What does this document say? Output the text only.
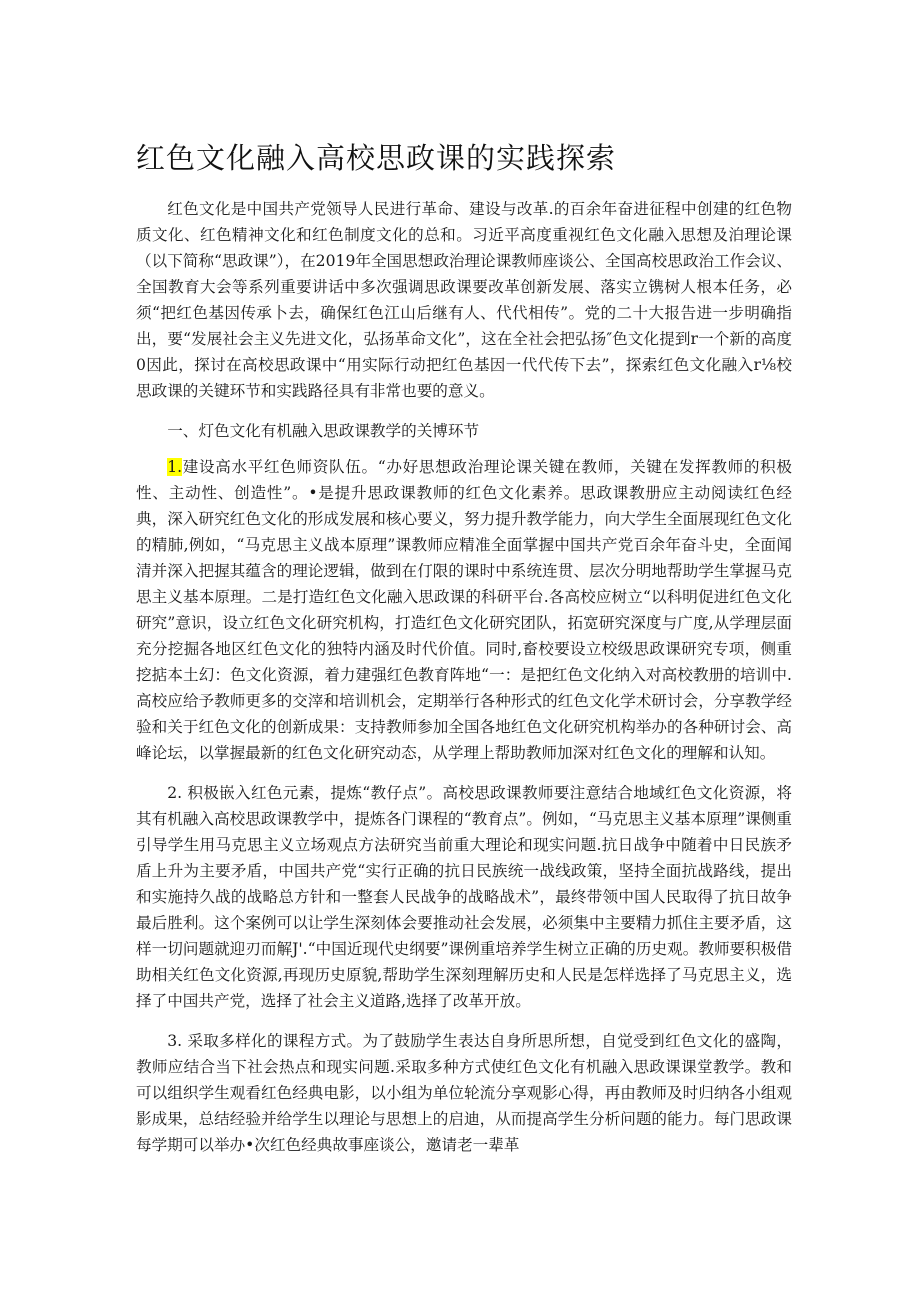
红色文化融入高校思政课的实践探索

红色文化是中国共产党领导人民进行革命、建设与改革.的百余年奋进征程中创建的红色物质文化、红色精神文化和红色制度文化的总和。习近平高度重视红色文化融入思想及泊理论课（以下简称“思政课”），在2019年全国思想政治理论课教师座谈公、全国高校思政治工作会议、全国教育大会等系列重要讲话中多次强调思政课要改革创新发展、落实立镌树人根本任务，必须“把红色基因传承卜去，确保红色江山后继有人、代代相传”。党的二十大报告进一步明确指出，要“发展社会主义先进文化，弘扬革命文化”，这在全社会把弘扬″色文化提到r一个新的高度0因此，探讨在高校思政课中“用实际行动把红色基因一代代传下去”，探索红色文化融入r⅛校思政课的关键环节和实践路径具有非常也要的意义。

一、灯色文化有机融入思政课教学的关博环节

1.建设高水平红色师资队伍。“办好思想政治理论课关键在教师，关键在发挥教师的积极性、主动性、创造性”。•是提升思政课教师的红色文化素养。思政课教册应主动阅读红色经典，深入研究红色文化的形成发展和核心要义，努力提升教学能力，向大学生全面展现红色文化的精肺,例如，“马克思主义战本原理”课教师应精准全面掌握中国共产党百余年奋斗史，全面闻清并深入把握其蕴含的理论逻辑，做到在仃限的课时中系统连贯、层次分明地帮助学生掌握马克思主义基本原理。二是打造红色文化融入思政课的科研平台.各高校应树立“以科明促进红色文化研究”意识，设立红色文化研究机构，打造红色文化研究团队，拓宽研究深度与广度,从学理层面充分挖掘各地区红色文化的独特内涵及时代价值。同时,畜校要设立校级思政课研究专项，侧重挖掂本土幻：色文化资源，着力建强红色教育阵地“一：是把红色文化纳入对高校教册的培训中.高校应给予教师更多的交滓和培训机会，定期举行各种形式的红色文化学术研讨会，分享教学经验和关于红色文化的创新成果：支持教师参加全国各地红色文化研究机构举办的各种研讨会、高峰论坛，以掌握最新的红色文化研究动态，从学理上帮助教师加深对红色文化的理解和认知。

2. 积极嵌入红色元素，提炼“教仔点”。高校思政课教师要注意结合地域红色文化资源，将其有机融入高校思政课教学中，提炼各门课程的“教育点”。例如，“马克思主义基本原理”课侧重引导学生用马克思主义立场观点方法研究当前重大理论和现实问题.抗日战争中随着中日民族矛盾上升为主要矛盾，中国共产党“实行正确的抗日民族统一战线政策，坚持全面抗战路线，提出和实施持久战的战略总方针和一整套人民战争的战略战术”，最终带领中国人民取得了抗日故争最后胜利。这个案例可以让学生深刻体会要推动社会发展，必须集中主要精力抓住主要矛盾，这样一切问题就迎刃而解J'.“中国近现代史纲要”课例重培养学生树立正确的历史观。教师要积极借助相关红色文化资源,再现历史原貌,帮助学生深刻理解历史和人民是怎样选择了马克思主义，选择了中国共产党，选择了社会主义道路,选择了改革开放。

3. 采取多样化的课程方式。为了鼓励学生表达自身所思所想，自觉受到红色文化的盛陶，教师应结合当下社会热点和现实问题.采取多种方式使红色文化有机融入思政课课堂教学。教和可以组织学生观看红色经典电影，以小组为单位轮流分享观影心得，再由教师及时归纳各小组观影成果，总结经验并给学生以理论与思想上的启迪，从而提高学生分析问题的能力。每门思政课每学期可以举办•次红色经典故事座谈公，邀请老一辈革
